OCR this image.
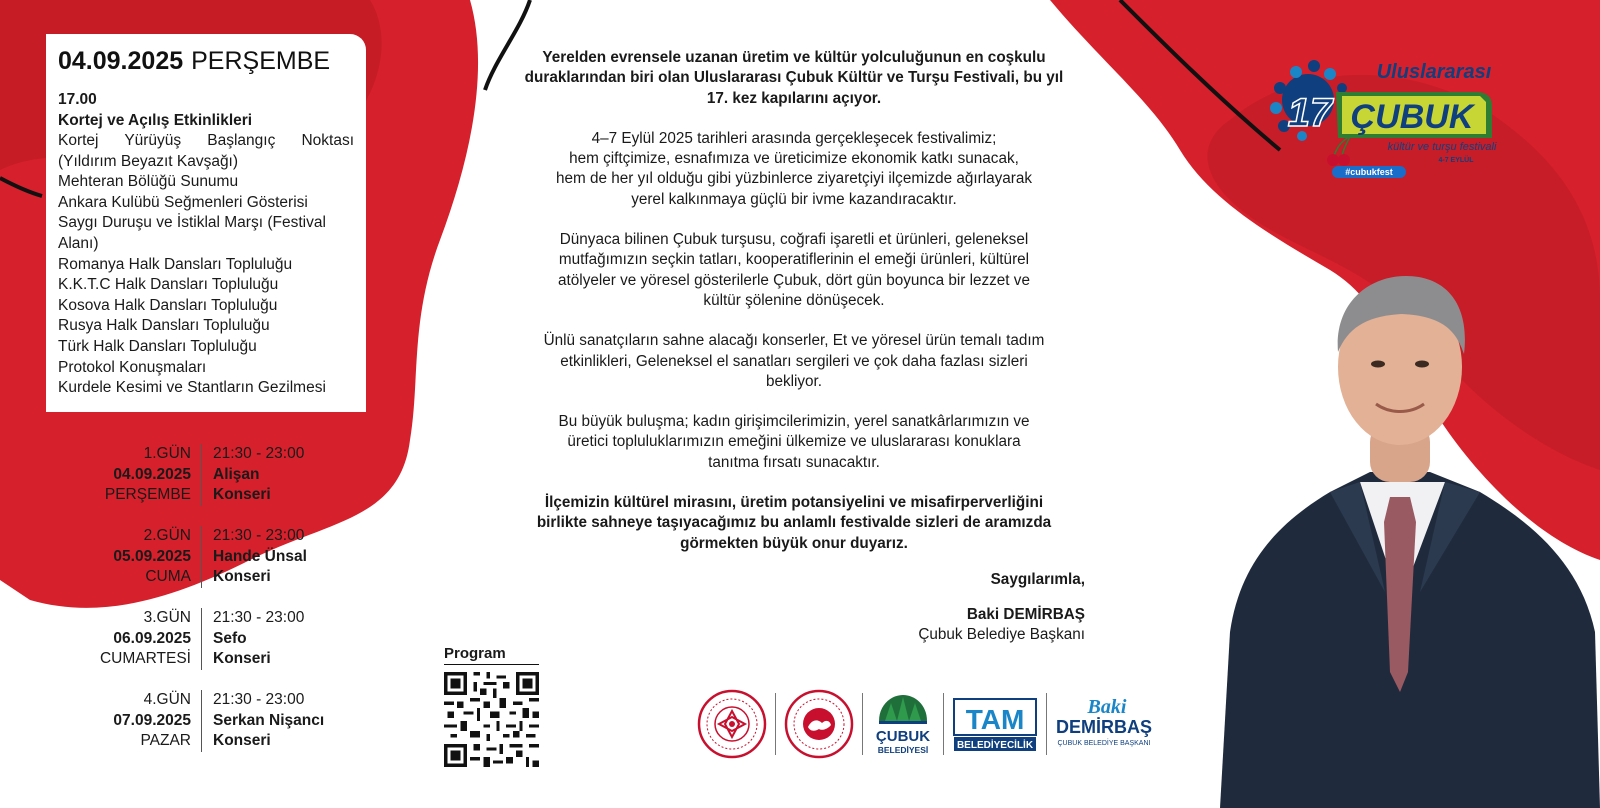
04.09.2025 PERŞEMBE
17.00
Kortej ve Açılış Etkinlikleri
Kortej Yürüyüş Başlangıç Noktası
(Yıldırım Beyazıt Kavşağı)
Mehteran Bölüğü Sunumu
Ankara Kulübü Seğmenleri Gösterisi
Saygı Duruşu ve İstiklal Marşı (Festival
Alanı)
Romanya Halk Dansları Topluluğu
K.K.T.C Halk Dansları Topluluğu
Kosova Halk Dansları Topluluğu
Rusya Halk Dansları Topluluğu
Türk Halk Dansları Topluluğu
Protokol Konuşmaları
Kurdele Kesimi ve Stantların Gezilmesi
1.GÜN
04.09.2025
PERŞEMBE
21:30 - 23:00
Alişan
Konseri
2.GÜN
05.09.2025
CUMA
21:30 - 23:00
Hande Ünsal
Konseri
3.GÜN
06.09.2025
CUMARTESİ
21:30 - 23:00
Sefo
Konseri
4.GÜN
07.09.2025
PAZAR
21:30 - 23:00
Serkan Nişancı
Konseri

Yerelden evrensele uzanan üretim ve kültür yolculuğunun en coşkulu
duraklarından biri olan Uluslararası Çubuk Kültür ve Turşu Festivali, bu yıl
17. kez kapılarını açıyor.

4–7 Eylül 2025 tarihleri arasında gerçekleşecek festivalimiz;
hem çiftçimize, esnafımıza ve üreticimize ekonomik katkı sunacak,
hem de her yıl olduğu gibi yüzbinlerce ziyaretçiyi ilçemizde ağırlayarak
yerel kalkınmaya güçlü bir ivme kazandıracaktır.

Dünyaca bilinen Çubuk turşusu, coğrafi işaretli et ürünleri, geleneksel
mutfağımızın seçkin tatları, kooperatiflerinin el emeği ürünleri, kültürel
atölyeler ve yöresel gösterilerle Çubuk, dört gün boyunca bir lezzet ve
kültür şölenine dönüşecek.

Ünlü sanatçıların sahne alacağı konserler, Et ve yöresel ürün temalı tadım
etkinlikleri, Geleneksel el sanatları sergileri ve çok daha fazlası sizleri
bekliyor.

Bu büyük buluşma; kadın girişimcilerimizin, yerel sanatkârlarımızın ve
üretici topluluklarımızın emeğini ülkemize ve uluslararası konuklara
tanıtma fırsatı sunacaktır.

İlçemizin kültürel mirasını, üretim potansiyelini ve misafirperverliğini
birlikte sahneye taşıyacağımız bu anlamlı festivalde sizleri de aramızda
görmekten büyük onur duyarız.

Saygılarımla,
Baki DEMİRBAŞ
Çubuk Belediye Başkanı
Program
ÇUBUK
BELEDİYESİ
TAM
BELEDİYECİLİK
Baki
DEMİRBAŞ
ÇUBUK BELEDİYE BAŞKANI
Uluslararası
17 ÇUBUK
kültür ve turşu festivali
4-7 EYLÜL
#cubukfest
